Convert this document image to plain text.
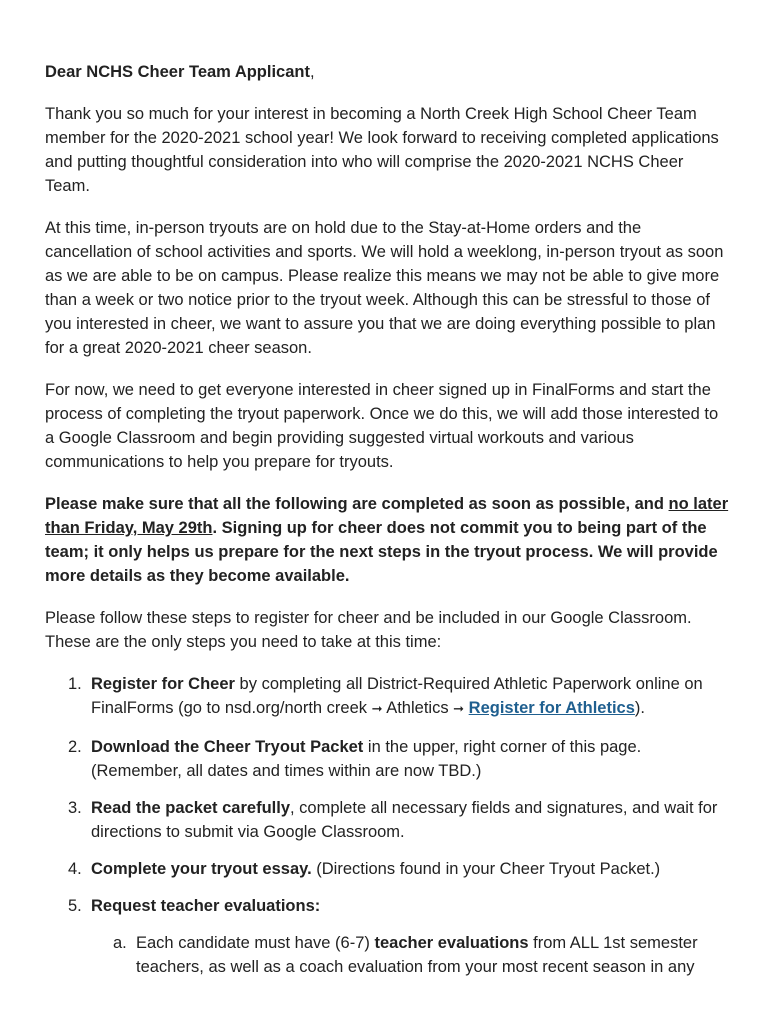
Dear NCHS Cheer Team Applicant,

Thank you so much for your interest in becoming a North Creek High School Cheer Team member for the 2020-2021 school year! We look forward to receiving completed applications and putting thoughtful consideration into who will comprise the 2020-2021 NCHS Cheer Team.

At this time, in-person tryouts are on hold due to the Stay-at-Home orders and the cancellation of school activities and sports. We will hold a weeklong, in-person tryout as soon as we are able to be on campus. Please realize this means we may not be able to give more than a week or two notice prior to the tryout week. Although this can be stressful to those of you interested in cheer, we want to assure you that we are doing everything possible to plan for a great 2020-2021 cheer season.

For now, we need to get everyone interested in cheer signed up in FinalForms and start the process of completing the tryout paperwork. Once we do this, we will add those interested to a Google Classroom and begin providing suggested virtual workouts and various communications to help you prepare for tryouts.

Please make sure that all the following are completed as soon as possible, and no later than Friday, May 29th. Signing up for cheer does not commit you to being part of the team; it only helps us prepare for the next steps in the tryout process. We will provide more details as they become available.

Please follow these steps to register for cheer and be included in our Google Classroom. These are the only steps you need to take at this time:

1. Register for Cheer by completing all District-Required Athletic Paperwork online on FinalForms (go to nsd.org/north creek ➞ Athletics ➞ Register for Athletics).
2. Download the Cheer Tryout Packet in the upper, right corner of this page. (Remember, all dates and times within are now TBD.)
3. Read the packet carefully, complete all necessary fields and signatures, and wait for directions to submit via Google Classroom.
4. Complete your tryout essay. (Directions found in your Cheer Tryout Packet.)
5. Request teacher evaluations:
a. Each candidate must have (6-7) teacher evaluations from ALL 1st semester teachers, as well as a coach evaluation from your most recent season in any
